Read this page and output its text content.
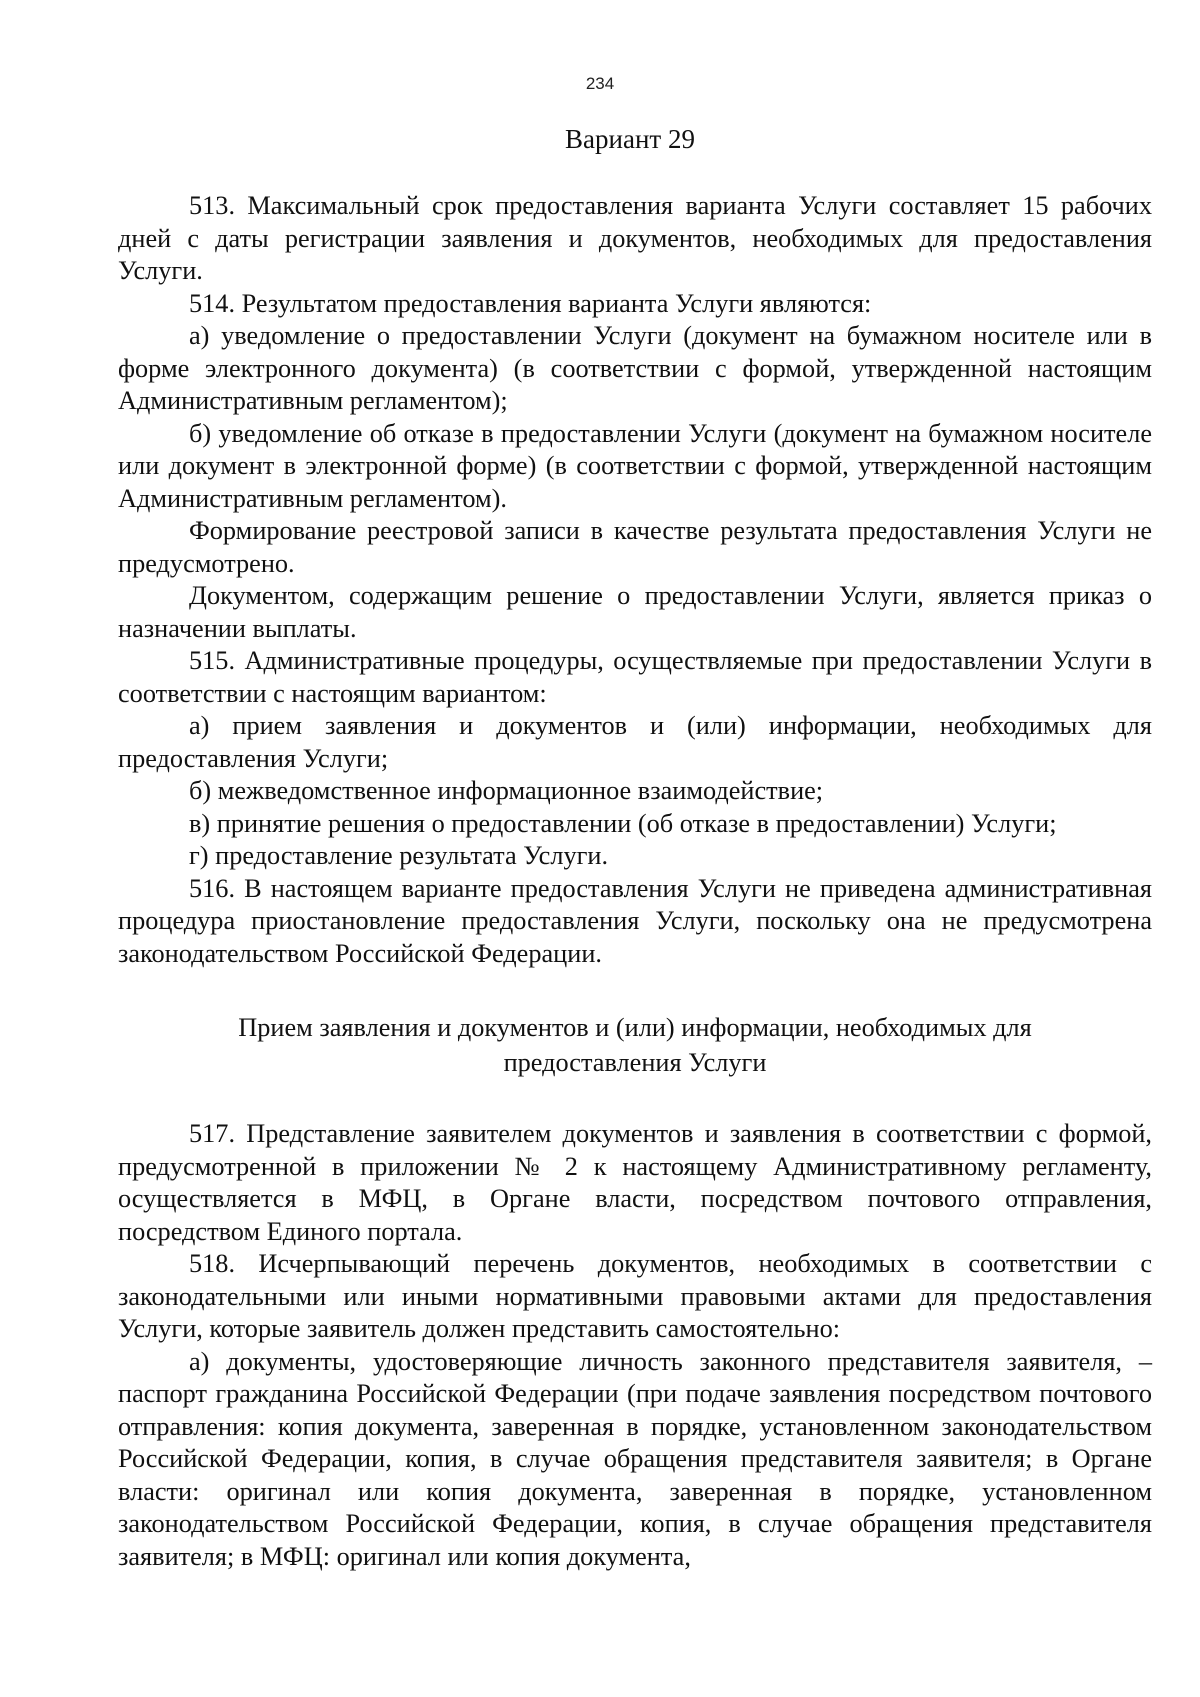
234
Вариант 29

513. Максимальный срок предоставления варианта Услуги составляет 15 рабочих дней с даты регистрации заявления и документов, необходимых для предоставления Услуги.

514. Результатом предоставления варианта Услуги являются:

а) уведомление о предоставлении Услуги (документ на бумажном носителе или в форме электронного документа) (в соответствии с формой, утвержденной настоящим Административным регламентом);

б) уведомление об отказе в предоставлении Услуги (документ на бумажном носителе или документ в электронной форме) (в соответствии с формой, утвержденной настоящим Административным регламентом).

Формирование реестровой записи в качестве результата предоставления Услуги не предусмотрено.

Документом, содержащим решение о предоставлении Услуги, является приказ о назначении выплаты.

515. Административные процедуры, осуществляемые при предоставлении Услуги в соответствии с настоящим вариантом:

а) прием заявления и документов и (или) информации, необходимых для предоставления Услуги;

б) межведомственное информационное взаимодействие;

в) принятие решения о предоставлении (об отказе в предоставлении) Услуги;

г) предоставление результата Услуги.

516. В настоящем варианте предоставления Услуги не приведена административная процедура приостановление предоставления Услуги, поскольку она не предусмотрена законодательством Российской Федерации.

Прием заявления и документов и (или) информации, необходимых для
предоставления Услуги

517. Представление заявителем документов и заявления в соответствии с формой, предусмотренной в приложении № 2 к настоящему Административному регламенту, осуществляется в МФЦ, в Органе власти, посредством почтового отправления, посредством Единого портала.

518. Исчерпывающий перечень документов, необходимых в соответствии с законодательными или иными нормативными правовыми актами для предоставления Услуги, которые заявитель должен представить самостоятельно:

а) документы, удостоверяющие личность законного представителя заявителя, – паспорт гражданина Российской Федерации (при подаче заявления посредством почтового отправления: копия документа, заверенная в порядке, установленном законодательством Российской Федерации, копия, в случае обращения представителя заявителя; в Органе власти: оригинал или копия документа, заверенная в порядке, установленном законодательством Российской Федерации, копия, в случае обращения представителя заявителя; в МФЦ: оригинал или копия документа,
